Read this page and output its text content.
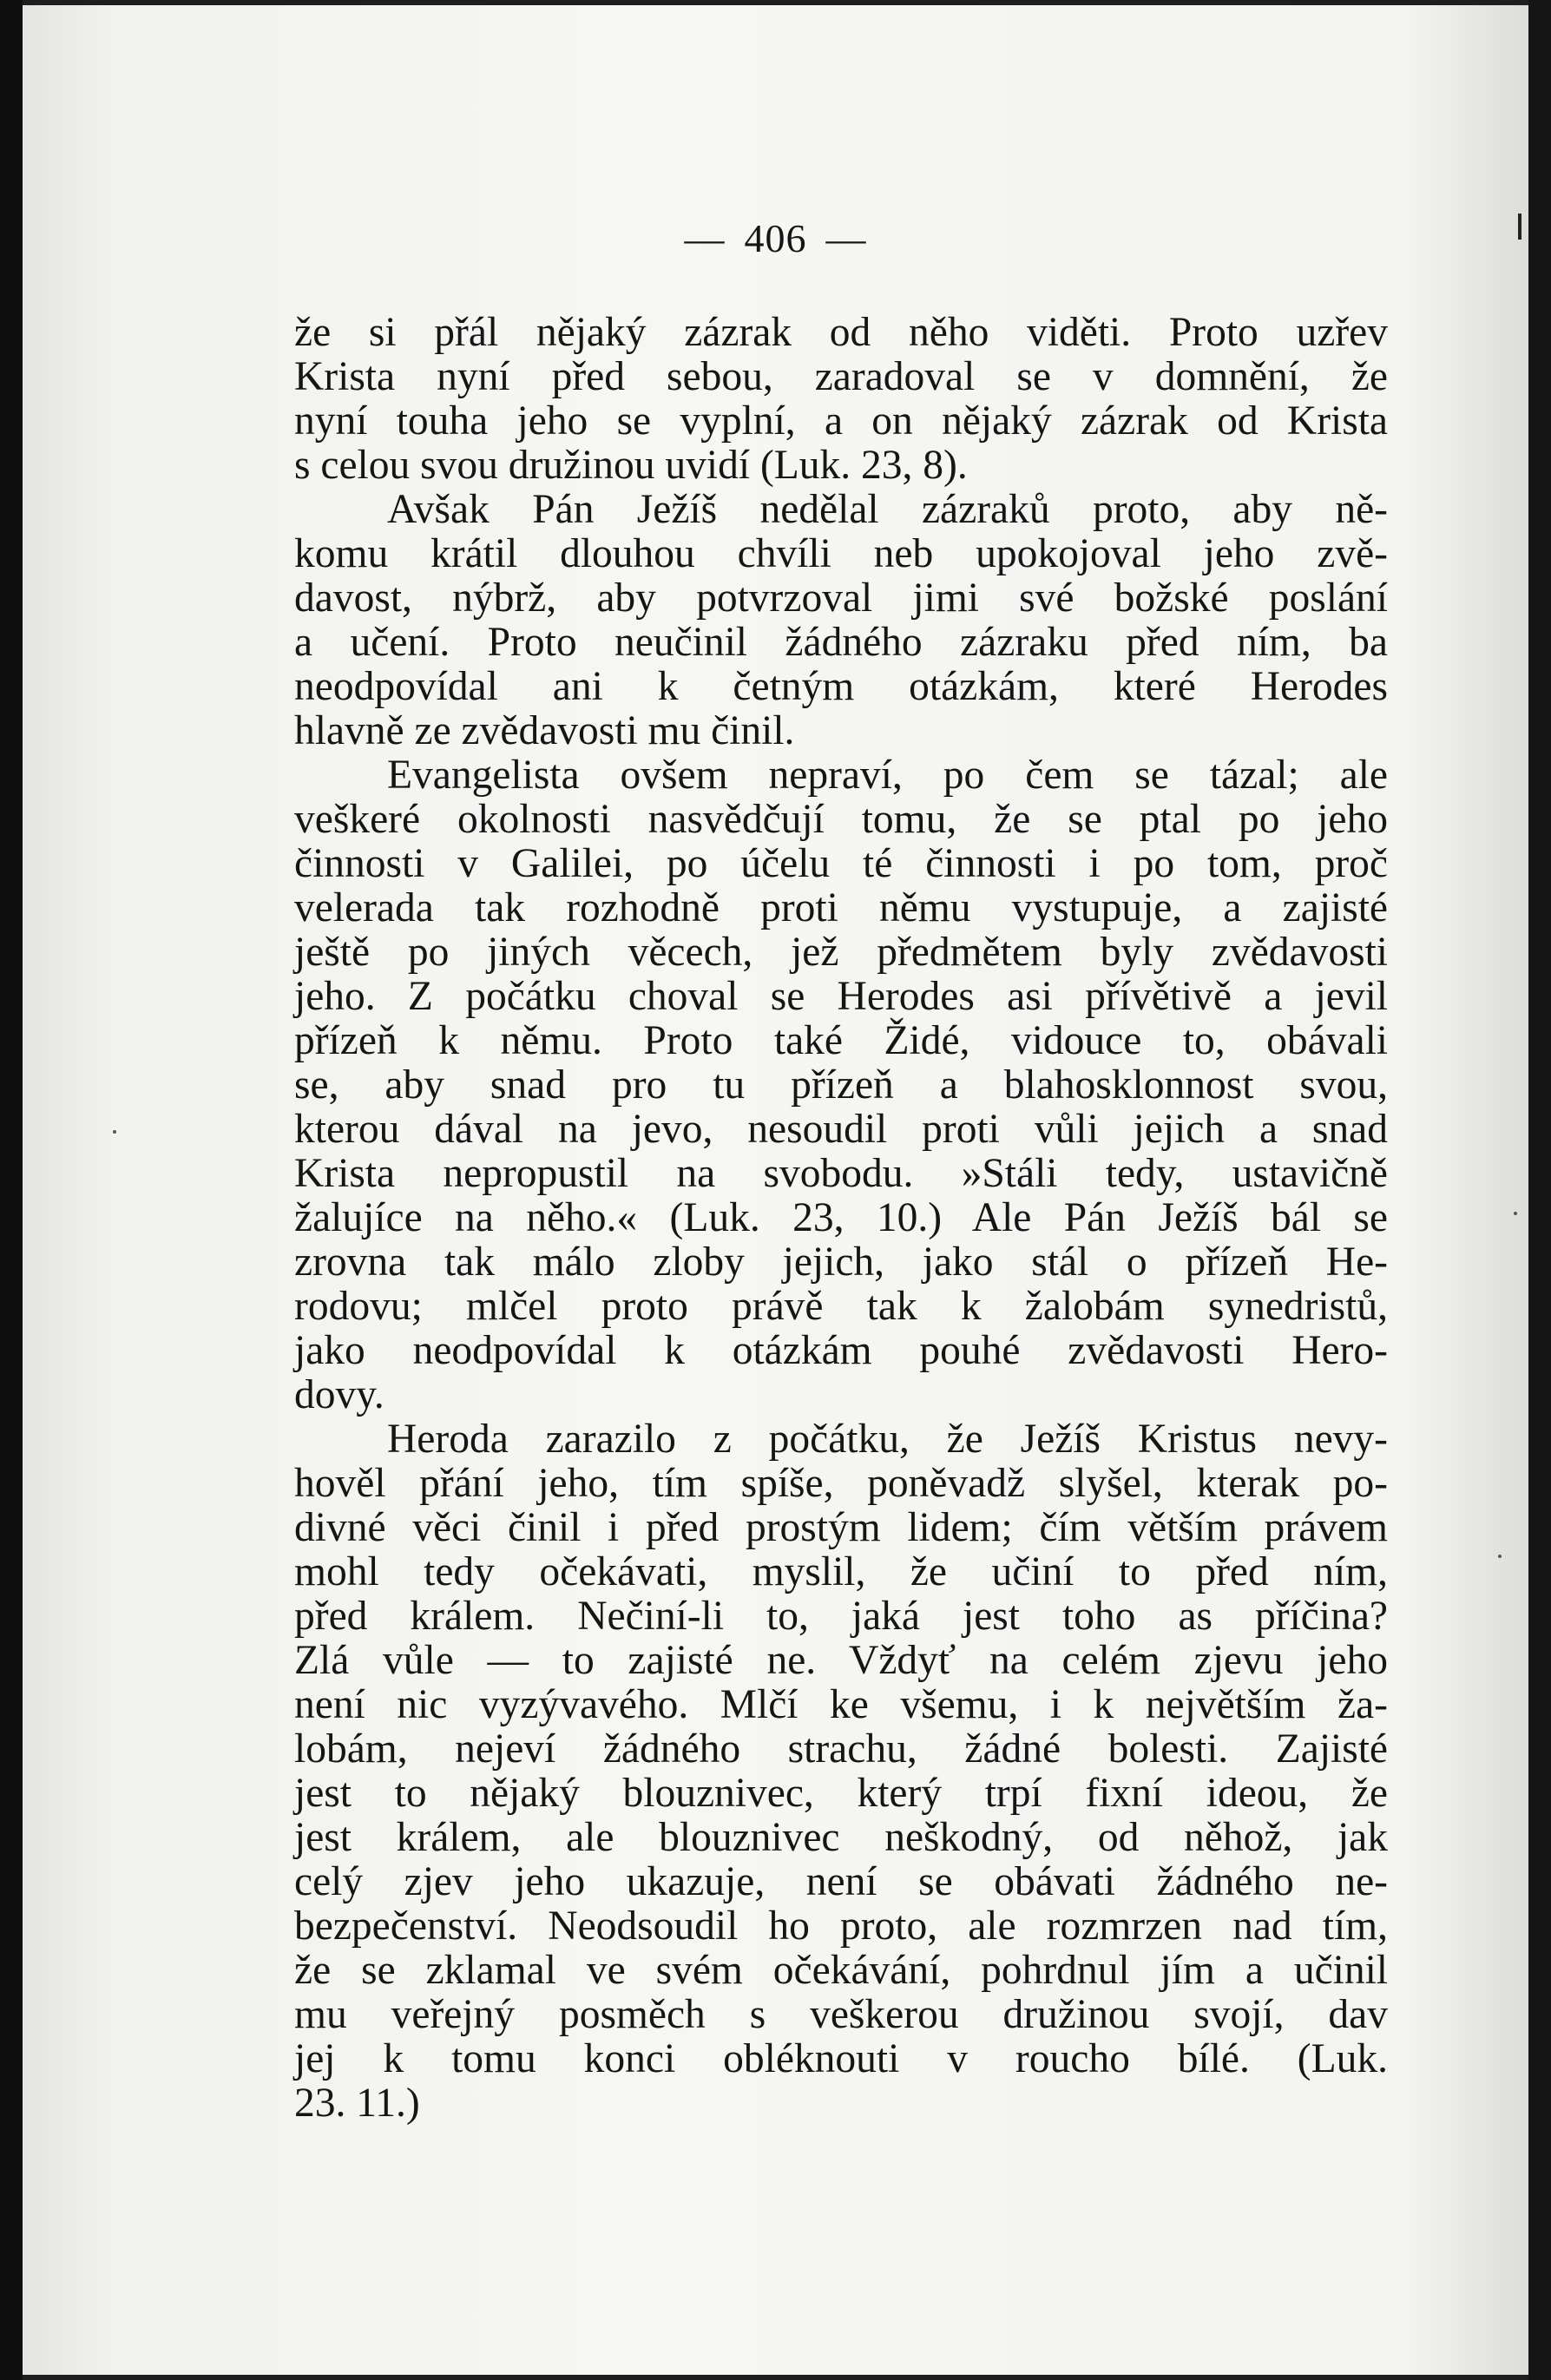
— 406 —
že si přál nějaký zázrak od něho viděti. Proto uzřev
Krista nyní před sebou, zaradoval se v domnění, že
nyní touha jeho se vyplní, a on nějaký zázrak od Krista
s celou svou družinou uvidí (Luk. 23, 8).
Avšak Pán Ježíš nedělal zázraků proto, aby ně-
komu krátil dlouhou chvíli neb upokojoval jeho zvě-
davost, nýbrž, aby potvrzoval jimi své božské poslání
a učení. Proto neučinil žádného zázraku před ním, ba
neodpovídal ani k četným otázkám, které Herodes
hlavně ze zvědavosti mu činil.
Evangelista ovšem nepraví, po čem se tázal; ale
veškeré okolnosti nasvědčují tomu, že se ptal po jeho
činnosti v Galilei, po účelu té činnosti i po tom, proč
velerada tak rozhodně proti němu vystupuje, a zajisté
ještě po jiných věcech, jež předmětem byly zvědavosti
jeho. Z počátku choval se Herodes asi přívětivě a jevil
přízeň k němu. Proto také Židé, vidouce to, obávali
se, aby snad pro tu přízeň a blahosklonnost svou,
kterou dával na jevo, nesoudil proti vůli jejich a snad
Krista nepropustil na svobodu. »Stáli tedy, ustavičně
žalujíce na něho.« (Luk. 23, 10.) Ale Pán Ježíš bál se
zrovna tak málo zloby jejich, jako stál o přízeň He-
rodovu; mlčel proto právě tak k žalobám synedristů,
jako neodpovídal k otázkám pouhé zvědavosti Hero-
dovy.
Heroda zarazilo z počátku, že Ježíš Kristus nevy-
hověl přání jeho, tím spíše, poněvadž slyšel, kterak po-
divné věci činil i před prostým lidem; čím větším právem
mohl tedy očekávati, myslil, že učiní to před ním,
před králem. Nečiní-li to, jaká jest toho as příčina?
Zlá vůle — to zajisté ne. Vždyť na celém zjevu jeho
není nic vyzývavého. Mlčí ke všemu, i k největším ža-
lobám, nejeví žádného strachu, žádné bolesti. Zajisté
jest to nějaký blouznivec, který trpí fixní ideou, že
jest králem, ale blouznivec neškodný, od něhož, jak
celý zjev jeho ukazuje, není se obávati žádného ne-
bezpečenství. Neodsoudil ho proto, ale rozmrzen nad tím,
že se zklamal ve svém očekávání, pohrdnul jím a učinil
mu veřejný posměch s veškerou družinou svojí, dav
jej k tomu konci obléknouti v roucho bílé. (Luk.
23. 11.)
